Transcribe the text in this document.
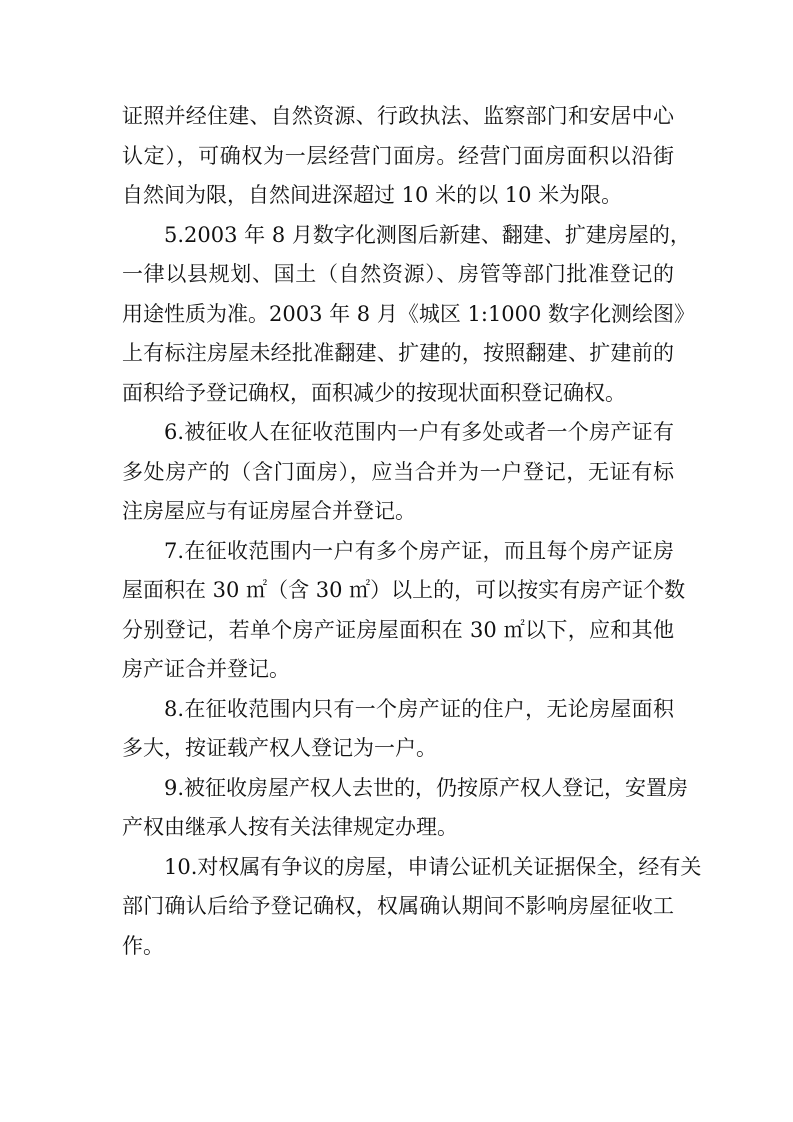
证照并经住建、自然资源、行政执法、监察部门和安居中心
认定），可确权为一层经营门面房。经营门面房面积以沿街
自然间为限，自然间进深超过 10 米的以 10 米为限。
5.2003 年 8 月数字化测图后新建、翻建、扩建房屋的，
一律以县规划、国土（自然资源）、房管等部门批准登记的
用途性质为准。2003 年 8 月《城区 1:1000 数字化测绘图》
上有标注房屋未经批准翻建、扩建的，按照翻建、扩建前的
面积给予登记确权，面积减少的按现状面积登记确权。
6.被征收人在征收范围内一户有多处或者一个房产证有
多处房产的（含门面房），应当合并为一户登记，无证有标
注房屋应与有证房屋合并登记。
7.在征收范围内一户有多个房产证，而且每个房产证房
屋面积在 30 ㎡（含 30 ㎡）以上的，可以按实有房产证个数
分别登记，若单个房产证房屋面积在 30 ㎡以下，应和其他
房产证合并登记。
8.在征收范围内只有一个房产证的住户，无论房屋面积
多大，按证载产权人登记为一户。
9.被征收房屋产权人去世的，仍按原产权人登记，安置房
产权由继承人按有关法律规定办理。
10.对权属有争议的房屋，申请公证机关证据保全，经有关
部门确认后给予登记确权，权属确认期间不影响房屋征收工
作。
